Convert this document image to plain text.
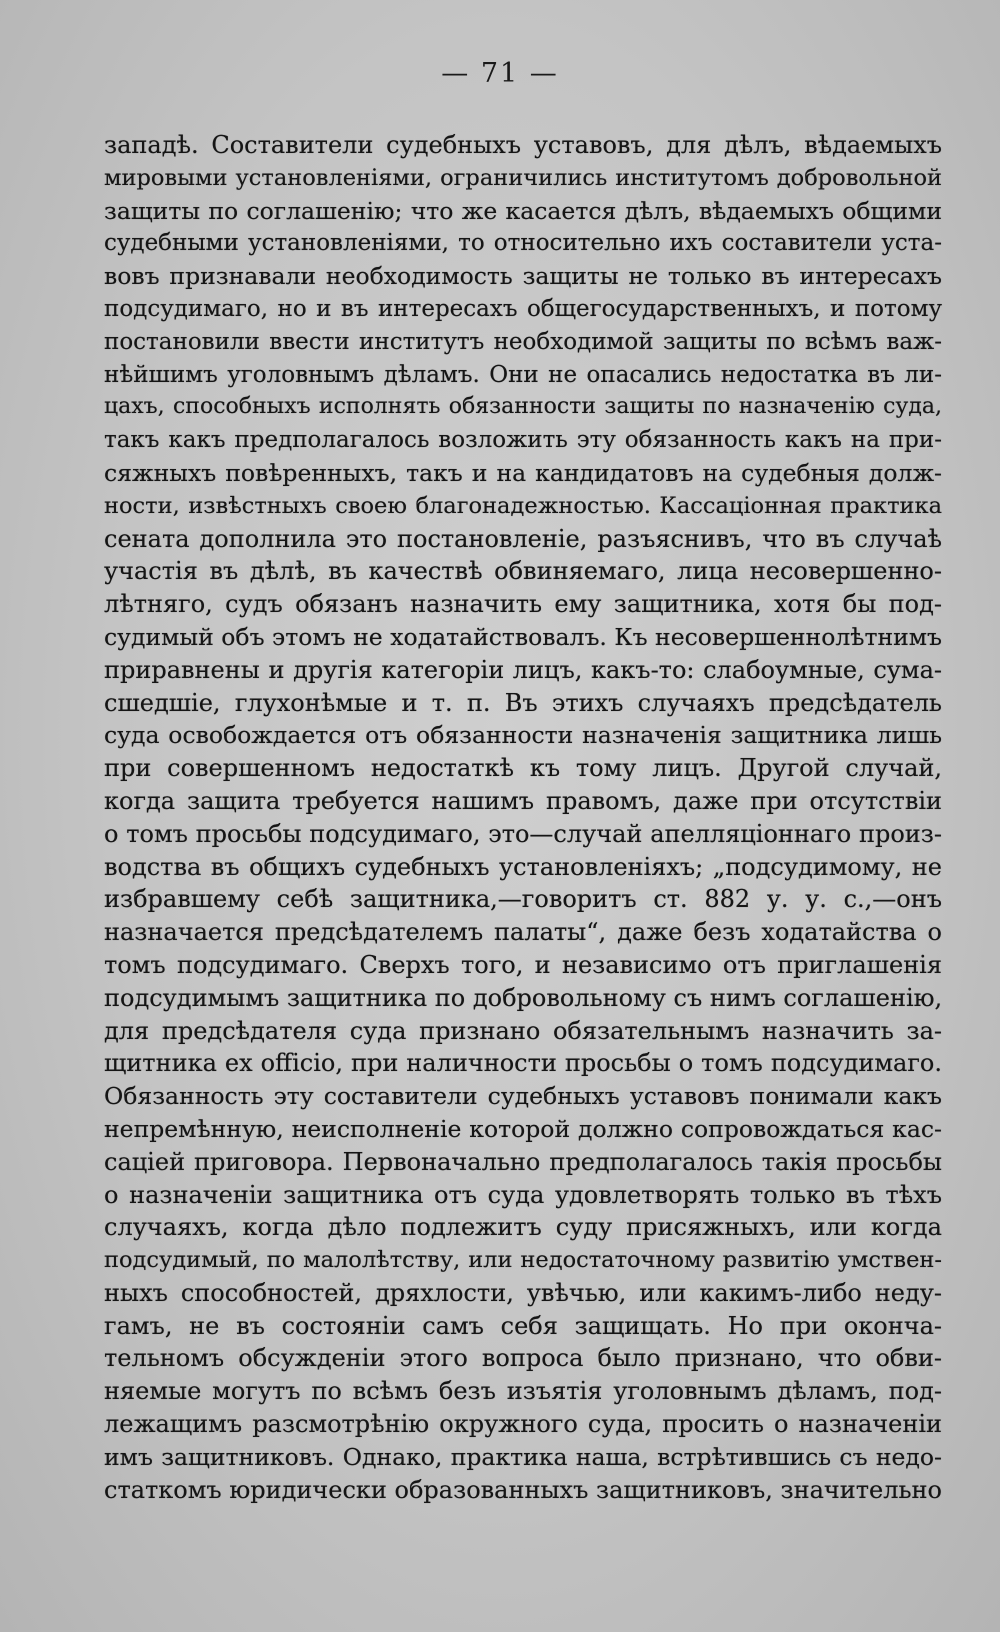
— 71 —
западѣ. Составители судебныхъ уставовъ, для дѣлъ, вѣдаемыхъ
мировыми установленіями, ограничились институтомъ добровольной
защиты по соглашенію; что же касается дѣлъ, вѣдаемыхъ общими
судебными установленіями, то относительно ихъ составители уста-
вовъ признавали необходимость защиты не только въ интересахъ
подсудимаго, но и въ интересахъ общегосударственныхъ, и потому
постановили ввести институтъ необходимой защиты по всѣмъ важ-
нѣйшимъ уголовнымъ дѣламъ. Они не опасались недостатка въ ли-
цахъ, способныхъ исполнять обязанности защиты по назначенію суда,
такъ какъ предполагалось возложить эту обязанность какъ на при-
сяжныхъ повѣренныхъ, такъ и на кандидатовъ на судебныя долж-
ности, извѣстныхъ своею благонадежностью. Кассаціонная практика
сената дополнила это постановленіе, разъяснивъ, что въ случаѣ
участія въ дѣлѣ, въ качествѣ обвиняемаго, лица несовершенно-
лѣтняго, судъ обязанъ назначить ему защитника, хотя бы под-
судимый объ этомъ не ходатайствовалъ. Къ несовершеннолѣтнимъ
приравнены и другія категоріи лицъ, какъ-то: слабоумные, сума-
сшедшіе, глухонѣмые и т. п. Въ этихъ случаяхъ предсѣдатель
суда освобождается отъ обязанности назначенія защитника лишь
при совершенномъ недостаткѣ къ тому лицъ. Другой случай,
когда защита требуется нашимъ правомъ, даже при отсутствіи
о томъ просьбы подсудимаго, это—случай апелляціоннаго произ-
водства въ общихъ судебныхъ установленіяхъ; „подсудимому, не
избравшему себѣ защитника,—говоритъ ст. 882 у. у. с.,—онъ
назначается предсѣдателемъ палаты“, даже безъ ходатайства о
томъ подсудимаго. Сверхъ того, и независимо отъ приглашенія
подсудимымъ защитника по добровольному съ нимъ соглашенію,
для предсѣдателя суда признано обязательнымъ назначить за-
щитника ex officio, при наличности просьбы о томъ подсудимаго.
Обязанность эту составители судебныхъ уставовъ понимали какъ
непремѣнную, неисполненіе которой должно сопровождаться кас-
саціей приговора. Первоначально предполагалось такія просьбы
о назначеніи защитника отъ суда удовлетворять только въ тѣхъ
случаяхъ, когда дѣло подлежитъ суду присяжныхъ, или когда
подсудимый, по малолѣтству, или недостаточному развитію умствен-
ныхъ способностей, дряхлости, увѣчью, или какимъ-либо неду-
гамъ, не въ состояніи самъ себя защищать. Но при оконча-
тельномъ обсужденіи этого вопроса было признано, что обви-
няемые могутъ по всѣмъ безъ изъятія уголовнымъ дѣламъ, под-
лежащимъ разсмотрѣнію окружного суда, просить о назначеніи
имъ защитниковъ. Однако, практика наша, встрѣтившись съ недо-
статкомъ юридически образованныхъ защитниковъ, значительно
